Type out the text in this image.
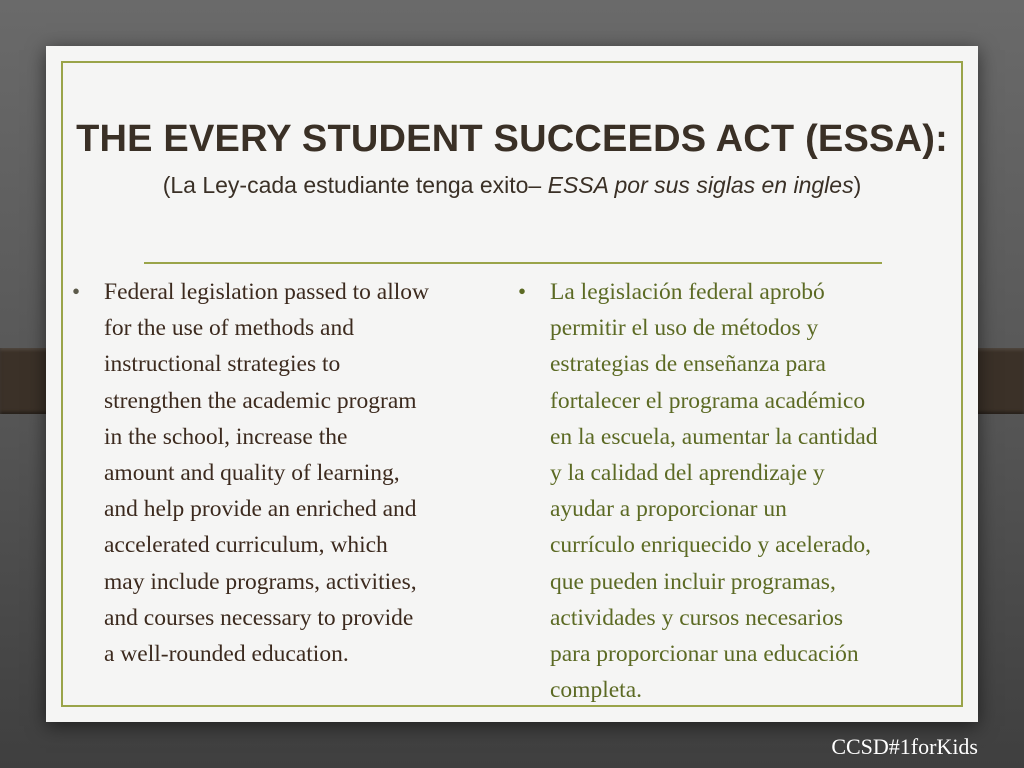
THE EVERY STUDENT SUCCEEDS ACT (ESSA):
(La Ley-cada estudiante tenga exito– ESSA por sus siglas en ingles)
•	Federal legislation passed to allow
for the use of methods and
instructional strategies to
strengthen the academic program
in the school, increase the
amount and quality of learning,
and help provide an enriched and
accelerated curriculum, which
may include programs, activities,
and courses necessary to provide
a well-rounded education.
•	La legislación federal aprobó
permitir el uso de métodos y
estrategias de enseñanza para
fortalecer el programa académico
en la escuela, aumentar la cantidad
y la calidad del aprendizaje y
ayudar a proporcionar un
currículo enriquecido y acelerado,
que pueden incluir programas,
actividades y cursos necesarios
para proporcionar una educación
completa.
CCSD#1forKids
